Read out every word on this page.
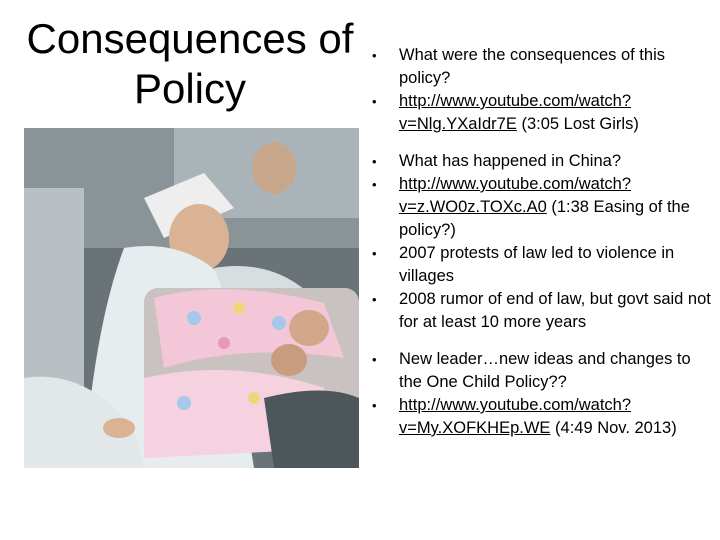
Consequences of
Policy
• What were the consequences of this policy?
• http://www.youtube.com/watch?v=Nlg.YXaIdr7E (3:05 Lost Girls)
• What has happened in China?
• http://www.youtube.com/watch?v=z.WO0z.TOXc.A0 (1:38 Easing of the policy?)
• 2007 protests of law led to violence in villages
• 2008 rumor of end of law, but govt said not for at least 10 more years
• New leader…new ideas and changes to the One Child Policy??
• http://www.youtube.com/watch?v=My.XOFKHEp.WE (4:49 Nov. 2013)
